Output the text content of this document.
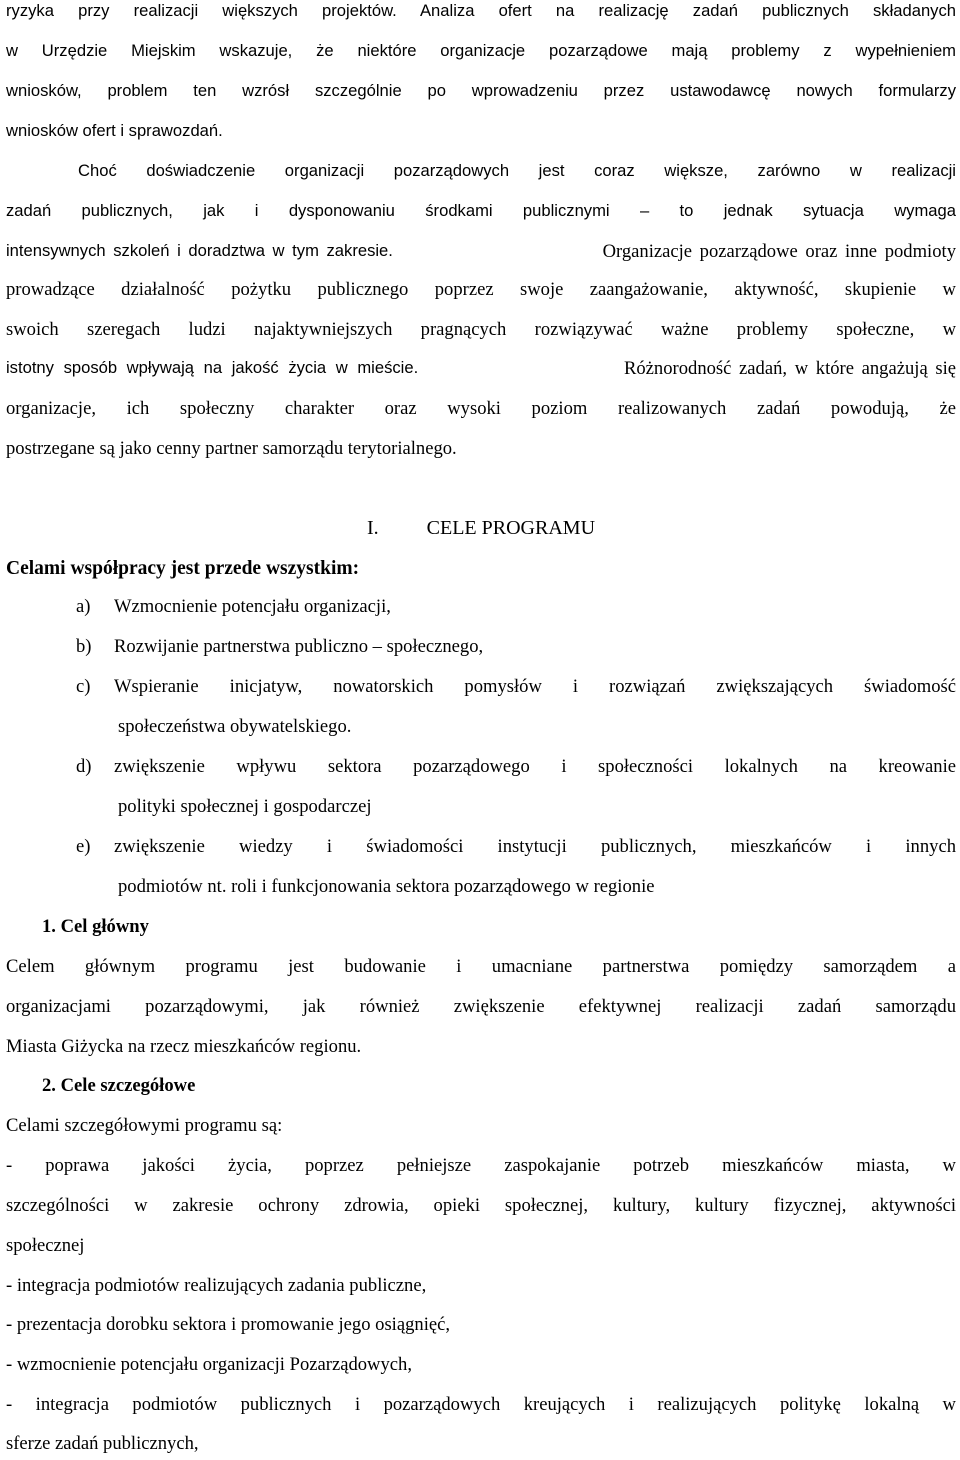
ryzyka przy realizacji większych projektów. Analiza ofert na realizację zadań publicznych składanych
w Urzędzie Miejskim wskazuje, że niektóre organizacje pozarządowe mają problemy z wypełnieniem
wniosków, problem ten wzrósł szczególnie po wprowadzeniu przez ustawodawcę nowych formularzy
wniosków ofert i sprawozdań.
Choć doświadczenie organizacji pozarządowych jest coraz większe, zarówno w realizacji
zadań publicznych, jak i dysponowaniu środkami publicznymi – to jednak sytuacja wymaga
intensywnych szkoleń i doradztwa w tym zakresie.	Organizacje pozarządowe oraz inne podmioty
prowadzące działalność pożytku publicznego poprzez swoje zaangażowanie, aktywność, skupienie w
swoich szeregach ludzi najaktywniejszych pragnących rozwiązywać ważne problemy społeczne, w
istotny sposób wpływają na jakość życia w mieście.	Różnorodność zadań, w które angażują się
organizacje, ich społeczny charakter oraz wysoki poziom realizowanych zadań powodują, że
postrzegane są jako cenny partner samorządu terytorialnego.
I. CELE PROGRAMU
Celami współpracy jest przede wszystkim:
a) Wzmocnienie potencjału organizacji,
b) Rozwijanie partnerstwa publiczno – społecznego,
c) Wspieranie inicjatyw, nowatorskich pomysłów i rozwiązań zwiększających świadomość
społeczeństwa obywatelskiego.
d) zwiększenie wpływu sektora pozarządowego i społeczności lokalnych na kreowanie
polityki społecznej i gospodarczej
e) zwiększenie wiedzy i świadomości instytucji publicznych, mieszkańców i innych
podmiotów nt. roli i funkcjonowania sektora pozarządowego w regionie
1. Cel główny
Celem głównym programu jest budowanie i umacniane partnerstwa pomiędzy samorządem a
organizacjami pozarządowymi, jak również zwiększenie efektywnej realizacji zadań samorządu
Miasta Giżycka na rzecz mieszkańców regionu.
2. Cele szczegółowe
Celami szczegółowymi programu są:
- poprawa jakości życia, poprzez pełniejsze zaspokajanie potrzeb mieszkańców miasta, w
szczególności w zakresie ochrony zdrowia, opieki społecznej, kultury, kultury fizycznej, aktywności
społecznej
- integracja podmiotów realizujących zadania publiczne,
- prezentacja dorobku sektora i promowanie jego osiągnięć,
- wzmocnienie potencjału organizacji Pozarządowych,
- integracja podmiotów publicznych i pozarządowych kreujących i realizujących politykę lokalną w
sferze zadań publicznych,
